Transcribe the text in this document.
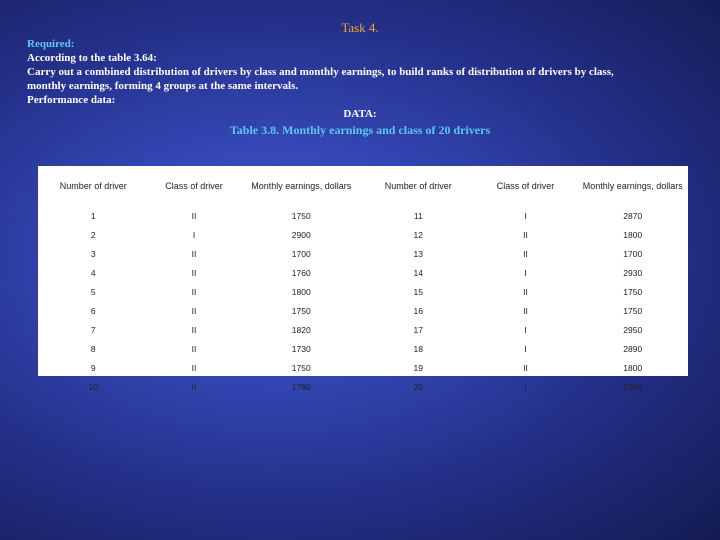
Task 4.
Required:
According to the table 3.64:
Carry out a combined distribution of drivers by class and monthly earnings, to build ranks of distribution of drivers by class,
monthly earnings, forming 4 groups at the same intervals.
Performance data:
DATA:
Table 3.8. Monthly earnings and class of 20 drivers
Number of driver	Class of driver	Monthly earnings, dollars	Number of driver	Class of driver	Monthly earnings, dollars
1	II	1750	11	I	2870
2	I	2900	12	II	1800
3	II	1700	13	II	1700
4	II	1760	14	I	2930
5	II	1800	15	II	1750
6	II	1750	16	II	1750
7	II	1820	17	I	2950
8	II	1730	18	I	2890
9	II	1750	19	II	1800
10	II	1780	20	I	2900
